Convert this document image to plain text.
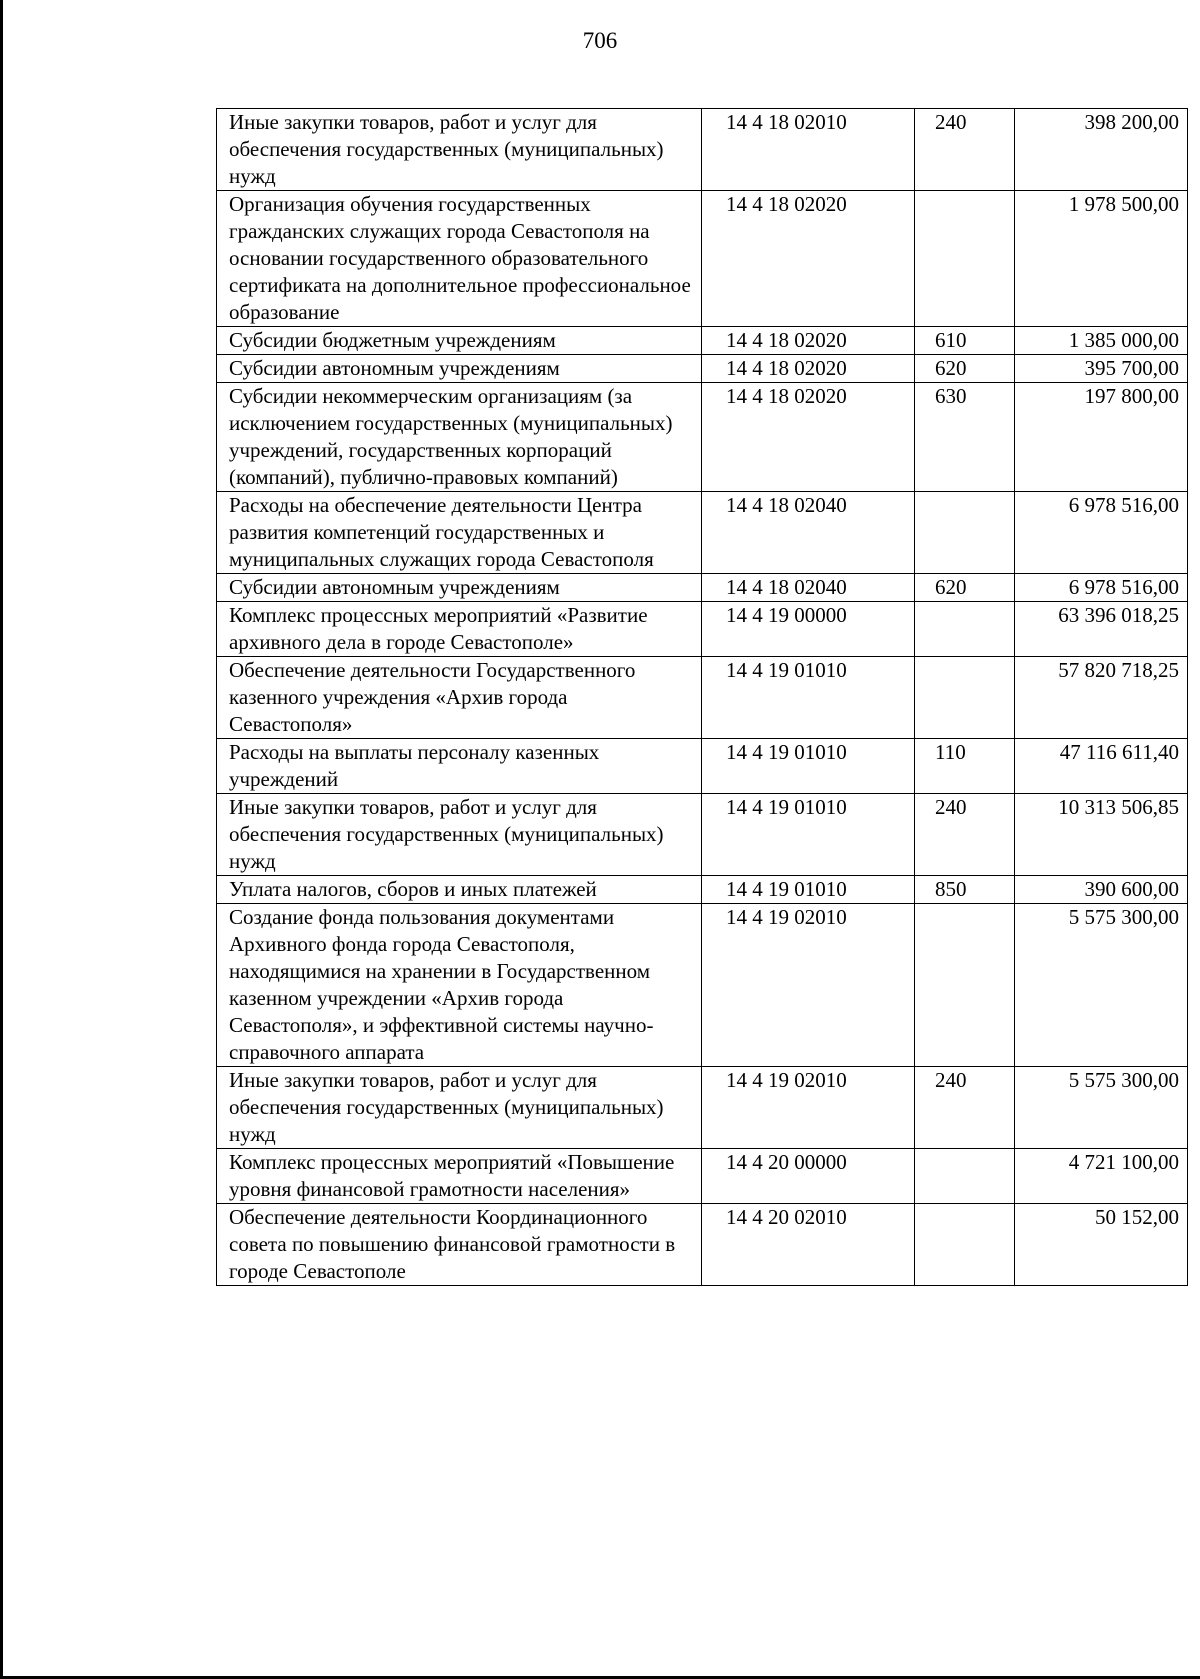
706
Иные закупки товаров, работ и услуг для обеспечения государственных (муниципальных) нужд	14 4 18 02010	240	398 200,00
Организация обучения государственных гражданских служащих города Севастополя на основании государственного образовательного сертификата на дополнительное профессиональное образование	14 4 18 02020		1 978 500,00
Субсидии бюджетным учреждениям	14 4 18 02020	610	1 385 000,00
Субсидии автономным учреждениям	14 4 18 02020	620	395 700,00
Субсидии некоммерческим организациям (за исключением государственных (муниципальных) учреждений, государственных корпораций (компаний), публично-правовых компаний)	14 4 18 02020	630	197 800,00
Расходы на обеспечение деятельности Центра развития компетенций государственных и муниципальных служащих города Севастополя	14 4 18 02040		6 978 516,00
Субсидии автономным учреждениям	14 4 18 02040	620	6 978 516,00
Комплекс процессных мероприятий «Развитие архивного дела в городе Севастополе»	14 4 19 00000		63 396 018,25
Обеспечение деятельности Государственного казенного учреждения «Архив города Севастополя»	14 4 19 01010		57 820 718,25
Расходы на выплаты персоналу казенных учреждений	14 4 19 01010	110	47 116 611,40
Иные закупки товаров, работ и услуг для обеспечения государственных (муниципальных) нужд	14 4 19 01010	240	10 313 506,85
Уплата налогов, сборов и иных платежей	14 4 19 01010	850	390 600,00
Создание фонда пользования документами Архивного фонда города Севастополя, находящимися на хранении в Государственном казенном учреждении «Архив города Севастополя», и эффективной системы научно-справочного аппарата	14 4 19 02010		5 575 300,00
Иные закупки товаров, работ и услуг для обеспечения государственных (муниципальных) нужд	14 4 19 02010	240	5 575 300,00
Комплекс процессных мероприятий «Повышение уровня финансовой грамотности населения»	14 4 20 00000		4 721 100,00
Обеспечение деятельности Координационного совета по повышению финансовой грамотности в городе Севастополе	14 4 20 02010		50 152,00
